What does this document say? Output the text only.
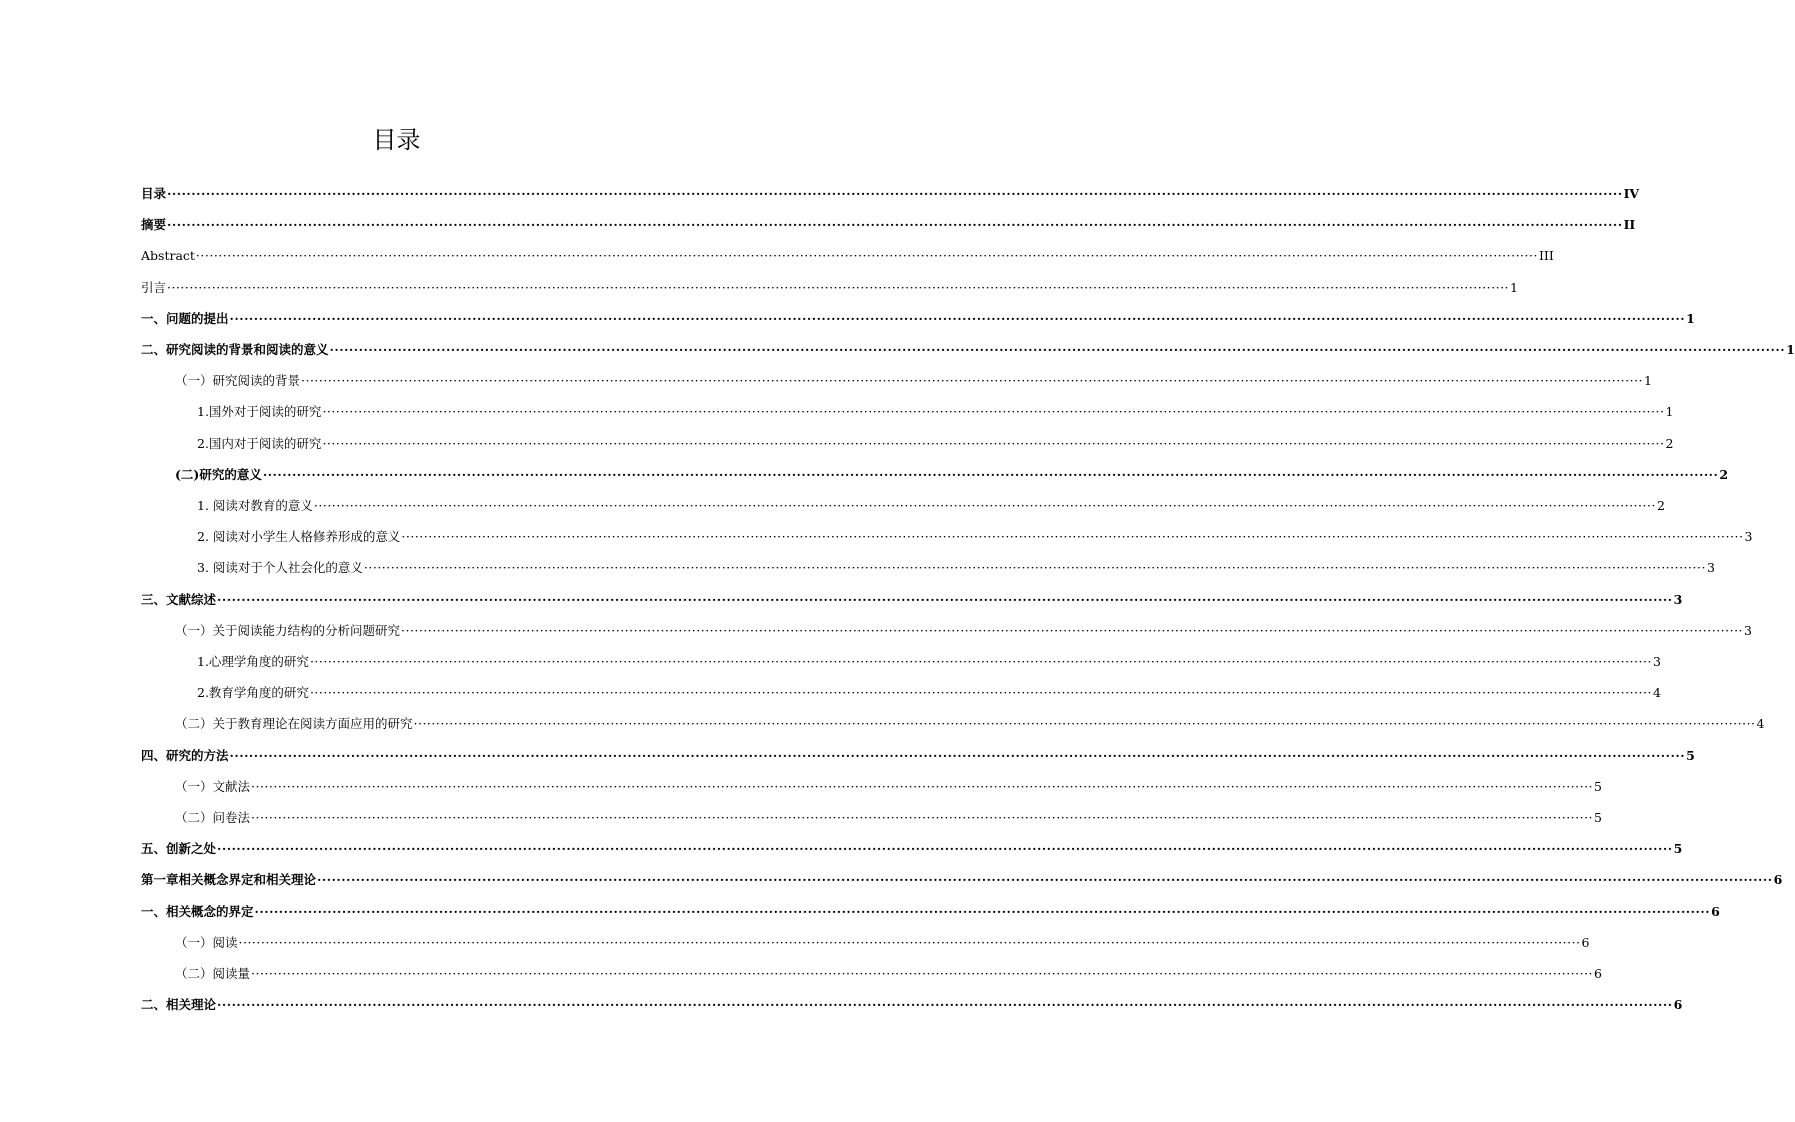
目录
目录 ············································································································································································································································································································ IV
摘要 ············································································································································································································································································································ II
Abstract ············································································································································································································································································································ III
引言 ············································································································································································································································································································ 1
一、问题的提出 ············································································································································································································································································································ 1
二、研究阅读的背景和阅读的意义 ············································································································································································································································································································ 1
（一）研究阅读的背景 ············································································································································································································································································································ 1
1.国外对于阅读的研究 ············································································································································································································································································································ 1
2.国内对于阅读的研究 ············································································································································································································································································································ 2
(二)研究的意义 ············································································································································································································································································································ 2
1. 阅读对教育的意义 ············································································································································································································································································································ 2
2. 阅读对小学生人格修养形成的意义 ············································································································································································································································································································ 3
3. 阅读对于个人社会化的意义 ············································································································································································································································································································ 3
三、文献综述 ············································································································································································································································································································ 3
（一）关于阅读能力结构的分析问题研究 ············································································································································································································································································································ 3
1.心理学角度的研究 ············································································································································································································································································································ 3
2.教育学角度的研究 ············································································································································································································································································································ 4
（二）关于教育理论在阅读方面应用的研究 ············································································································································································································································································································ 4
四、研究的方法 ············································································································································································································································································································ 5
（一）文献法 ············································································································································································································································································································ 5
（二）问卷法 ············································································································································································································································································································ 5
五、创新之处 ············································································································································································································································································································ 5
第一章相关概念界定和相关理论 ············································································································································································································································································································ 6
一、相关概念的界定 ············································································································································································································································································································ 6
（一）阅读 ············································································································································································································································································································ 6
（二）阅读量 ············································································································································································································································································································ 6
二、相关理论 ············································································································································································································································································································ 6
